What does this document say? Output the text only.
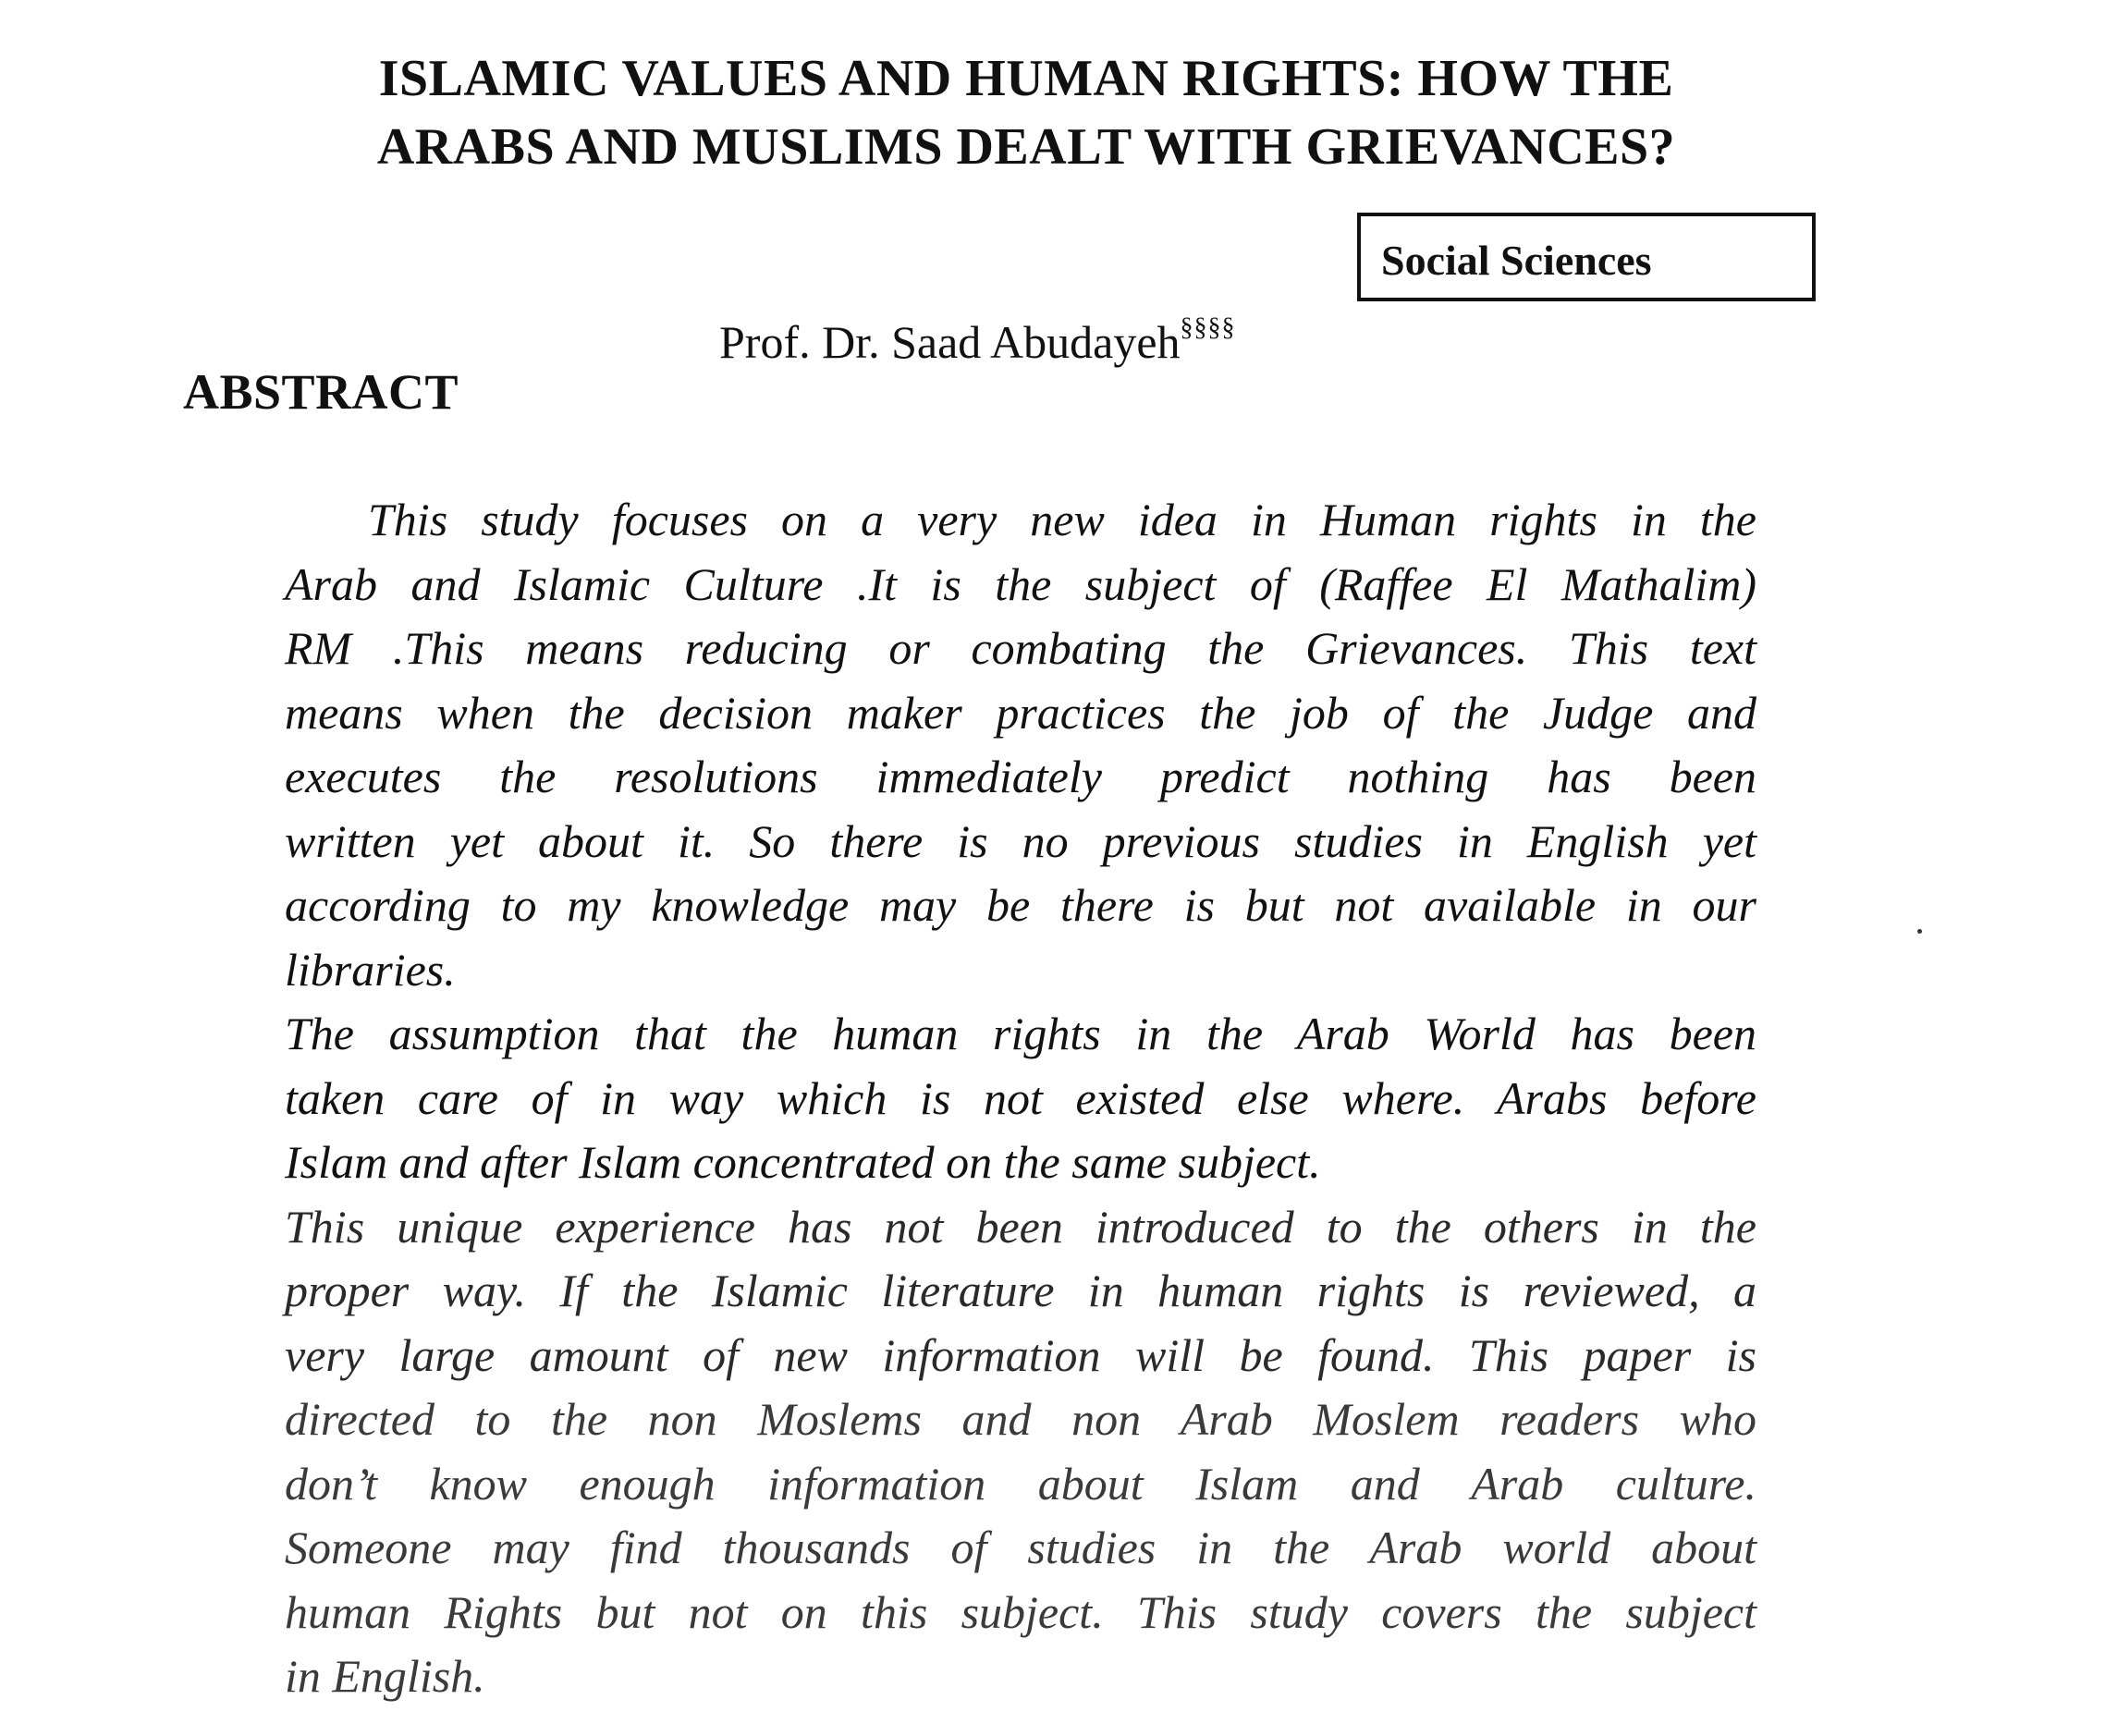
ISLAMIC VALUES AND HUMAN RIGHTS: HOW THE
ARABS AND MUSLIMS DEALT WITH GRIEVANCES?
Social Sciences
Prof. Dr. Saad Abudayeh§§§§
ABSTRACT
This study focuses on a very new idea in Human rights in the
Arab and Islamic Culture .It is the subject of (Raffee El Mathalim)
RM .This means reducing or combating the Grievances. This text
means when the decision maker practices the job of the Judge and
executes the resolutions immediately predict nothing has been
written yet about it. So there is no previous studies in English yet
according to my knowledge may be there is but not available in our
libraries.
The assumption that the human rights in the Arab World has been
taken care of in way which is not existed else where. Arabs before
Islam and after Islam concentrated on the same subject.
This unique experience has not been introduced to the others in the
proper way. If the Islamic literature in human rights is reviewed, a
very large amount of new information will be found. This paper is
directed to the non Moslems and non Arab Moslem readers who
don’t know enough information about Islam and Arab culture.
Someone may find thousands of studies in the Arab world about
human Rights but not on this subject. This study covers the subject
in English.
